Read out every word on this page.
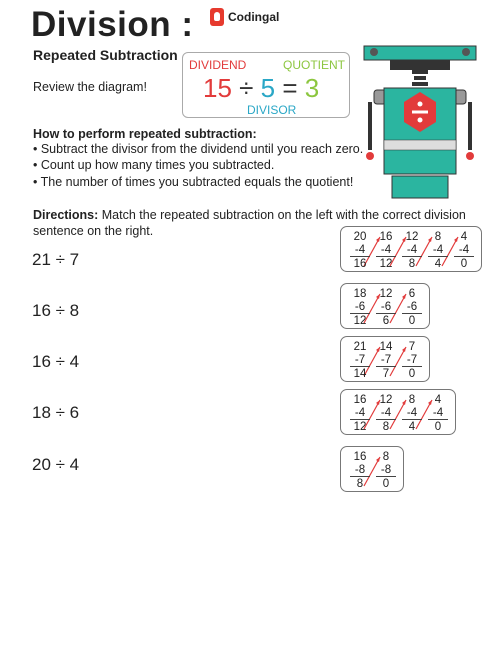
Division :
Repeated Subtraction
Codingal
Review the diagram!
DIVIDEND	QUOTIENT
15 ÷ 5 = 3
DIVISOR
How to perform repeated subtraction:
• Subtract the divisor from the dividend until you reach zero.
• Count up how many times you subtracted.
• The number of times you subtracted equals the quotient!
Directions: Match the repeated subtraction on the left with the correct division sentence on the right.
21 ÷ 7
16 ÷ 8
16 ÷ 4
18 ÷ 6
20 ÷ 4
20
-4
16
16
-4
12
12
-4
8
8
-4
4
4
-4
0
18
-6
12
12
-6
6
6
-6
0
21
-7
14
14
-7
7
7
-7
0
16
-4
12
12
-4
8
8
-4
4
4
-4
0
16
-8
8
8
-8
0
